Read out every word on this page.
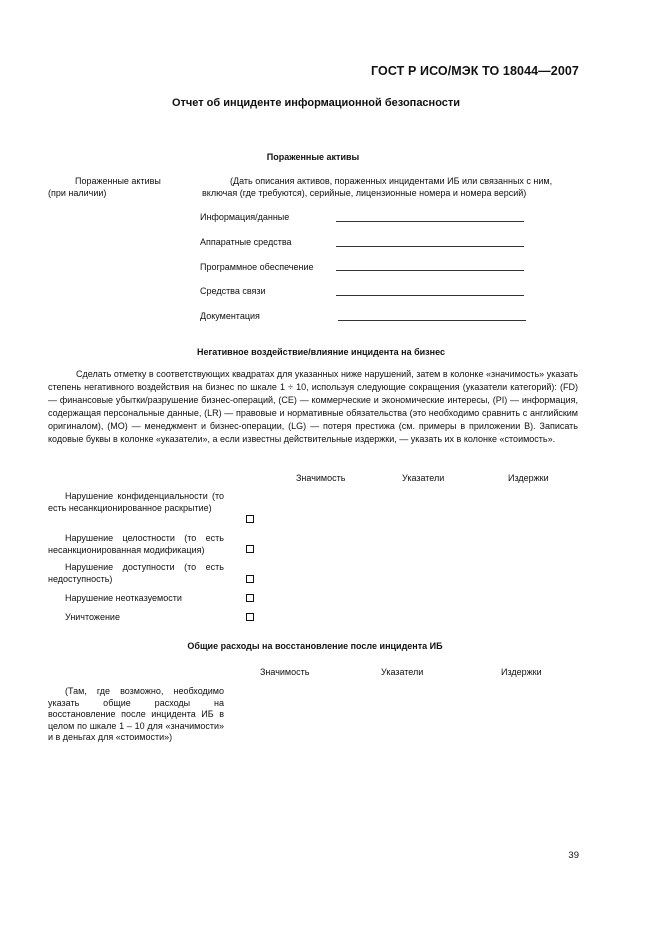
ГОСТ Р ИСО/МЭК ТО 18044—2007
Отчет об инциденте информационной безопасности
Пораженные активы
Пораженные активы
(при наличии)
(Дать описания активов, пораженных инцидентами ИБ или связанных с ним,
включая (где требуются), серийные, лицензионные номера и номера версий)
Информация/данные
Аппаратные средства
Программное обеспечение
Средства связи
Документация
Негативное воздействие/влияние инцидента на бизнес
Сделать отметку в соответствующих квадратах для указанных ниже нарушений, затем в колонке «значимость» указать степень негативного воздействия на бизнес по шкале 1 ÷ 10, используя следующие сокращения (указатели категорий): (FD) — финансовые убытки/разрушение бизнес-операций, (CE) — коммерческие и экономические интересы, (PI) — информация, содержащая персональные данные, (LR) — правовые и нормативные обязательства (это необходимо сравнить с английским оригиналом), (MO) — менеджмент и бизнес-операции, (LG) — потеря престижа (см. примеры в приложении B). Записать кодовые буквы в колонке «указатели», а если известны действительные издержки, — указать их в колонке «стоимость».
Значимость	Указатели	Издержки
Нарушение конфиденциальности (то есть несанкционированное раскрытие)
Нарушение целостности (то есть несанкционированная модификация)
Нарушение доступности (то есть недоступность)
Нарушение неотказуемости
Уничтожение
Общие расходы на восстановление после инцидента ИБ
Значимость	Указатели	Издержки
(Там, где возможно, необходимо указать общие расходы на восстановление после инцидента ИБ в целом по шкале 1 – 10 для «значимости» и в деньгах для «стоимости»)
39
